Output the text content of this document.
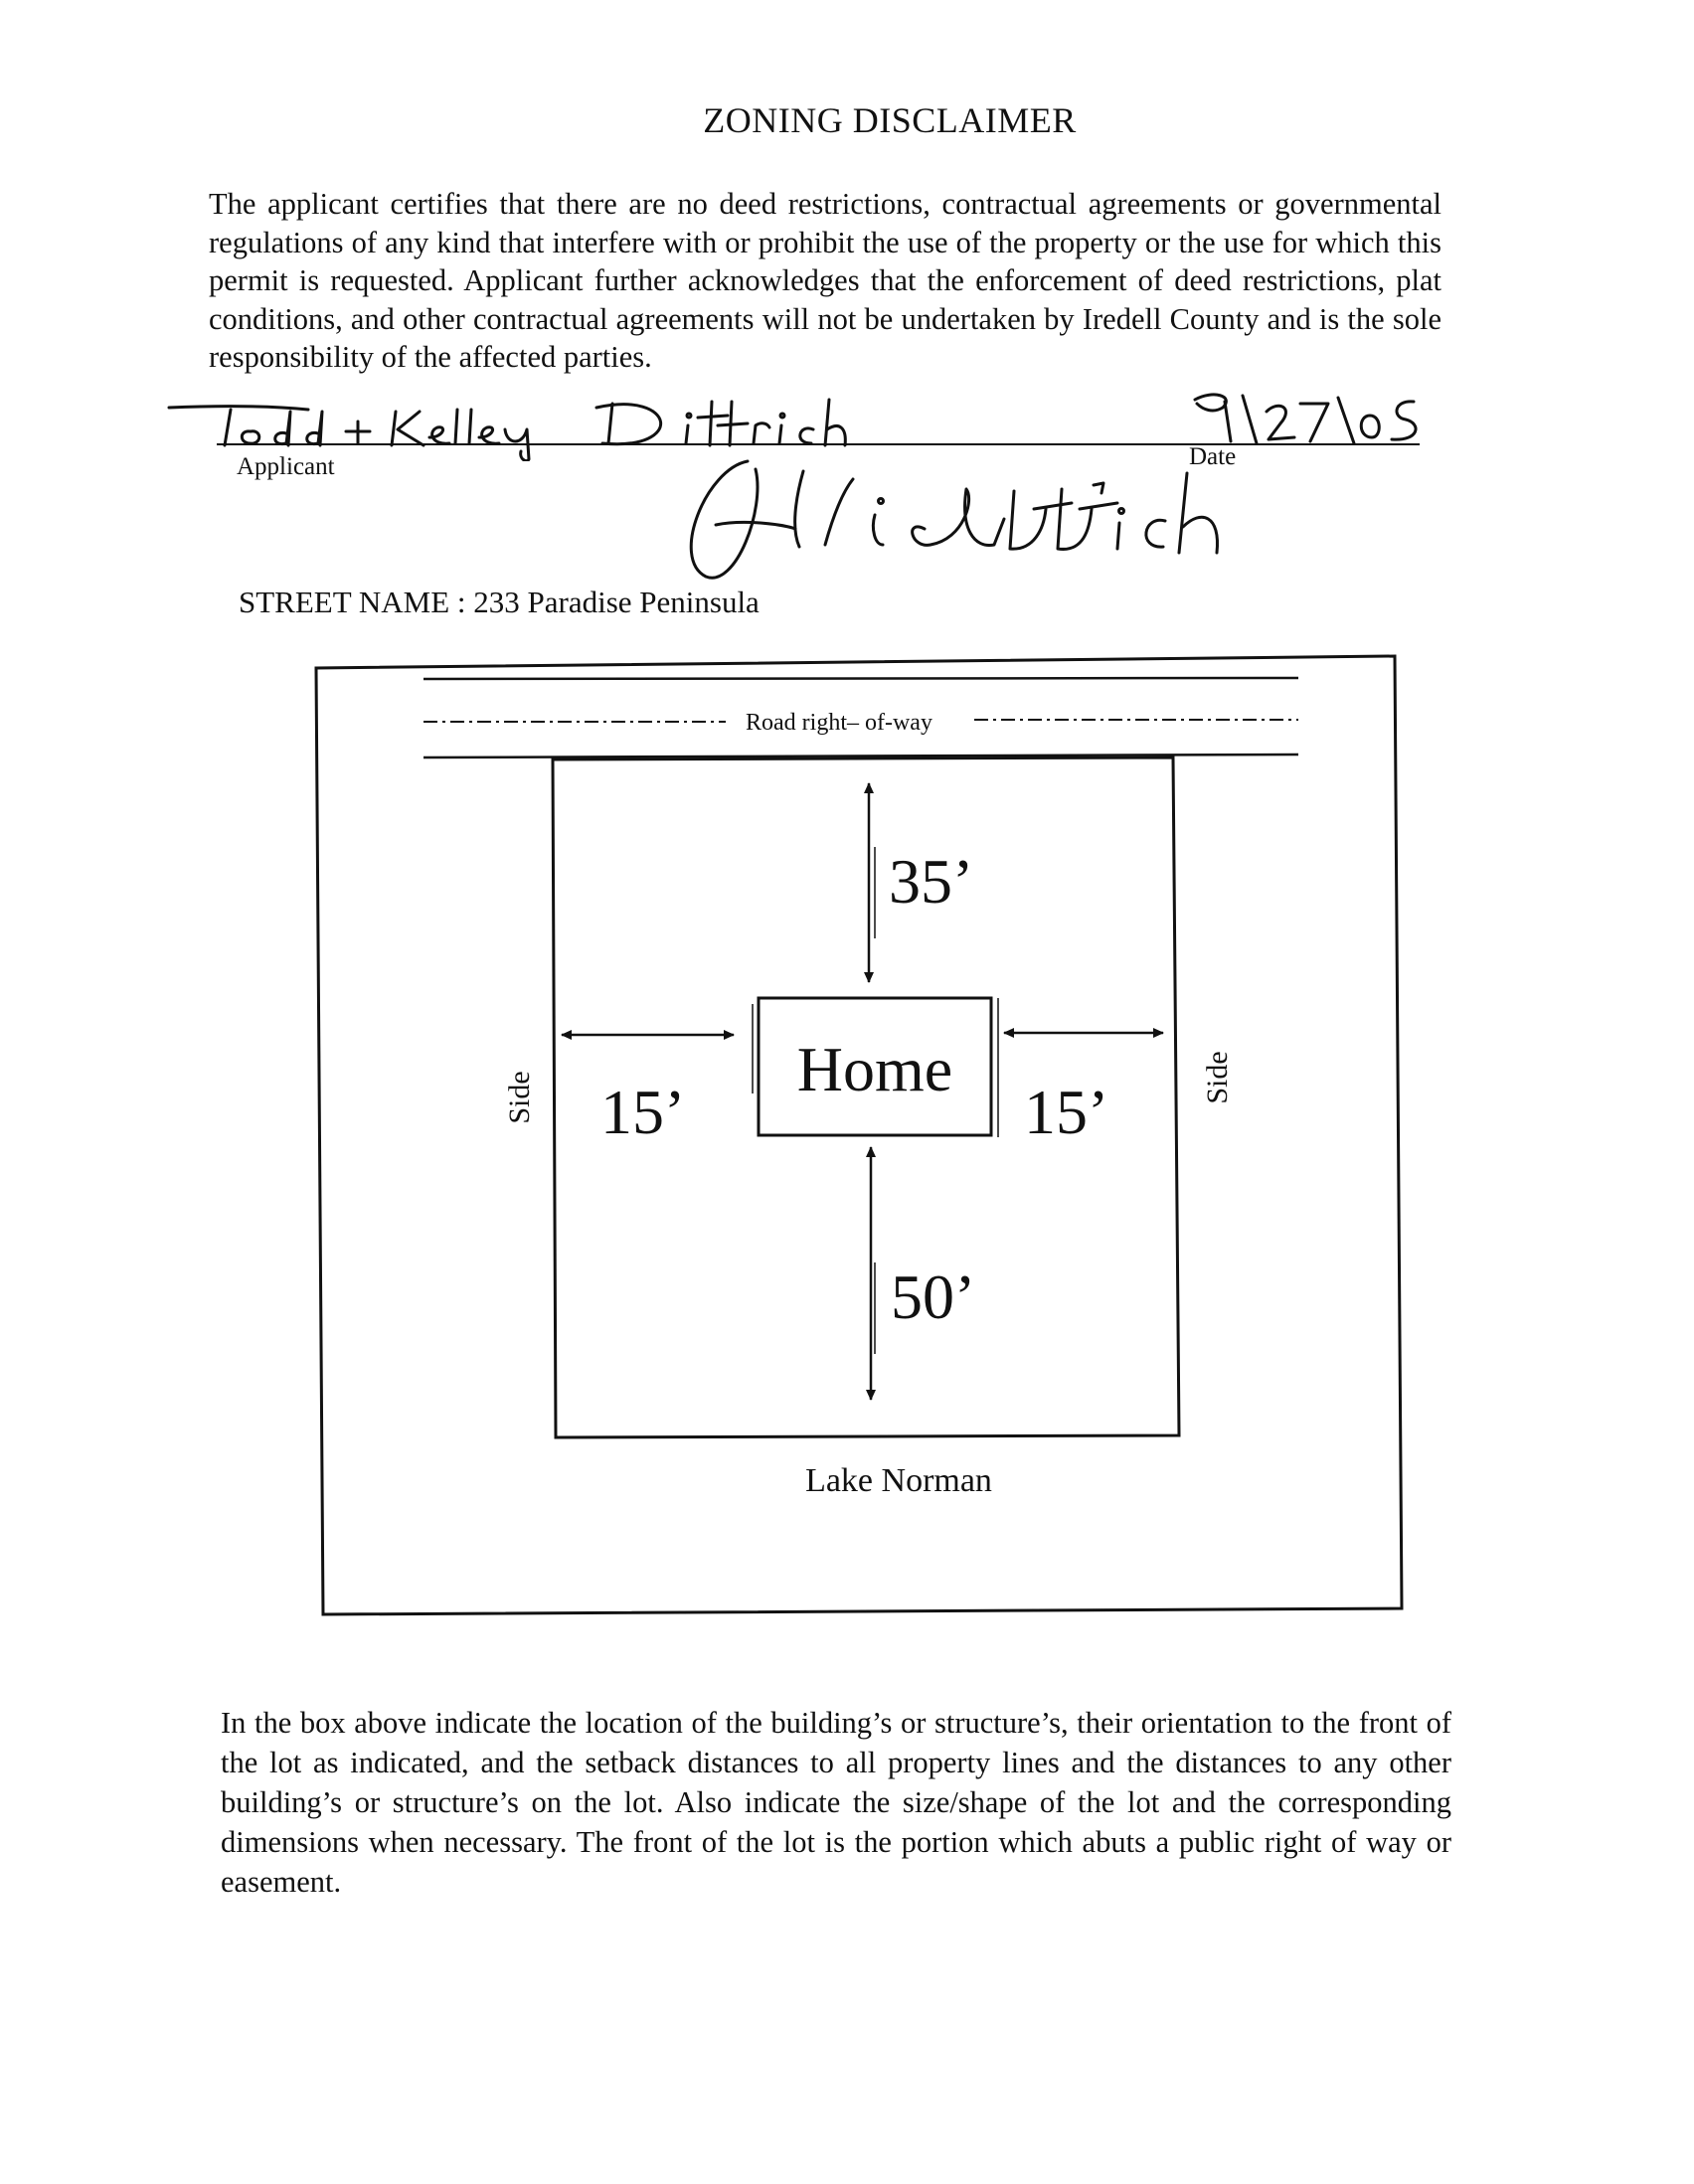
ZONING DISCLAIMER
The applicant certifies that there are no deed restrictions, contractual agreements or governmental regulations of any kind that interfere with or prohibit the use of the property or the use for which this permit is requested. Applicant further acknowledges that the enforcement of deed restrictions, plat conditions, and other contractual agreements will not be undertaken by Iredell County and is the sole responsibility of the affected parties.
Applicant	Date
STREET NAME : 233 Paradise Peninsula
Road right– of-way
Home
35’
50’
15’	15’
Side	Side
Lake Norman
In the box above indicate the location of the building’s or structure’s, their orientation to the front of the lot as indicated, and the setback distances to all property lines and the distances to any other building’s or structure’s on the lot. Also indicate the size/shape of the lot and the corresponding dimensions when necessary. The front of the lot is the portion which abuts a public right of way or easement.
